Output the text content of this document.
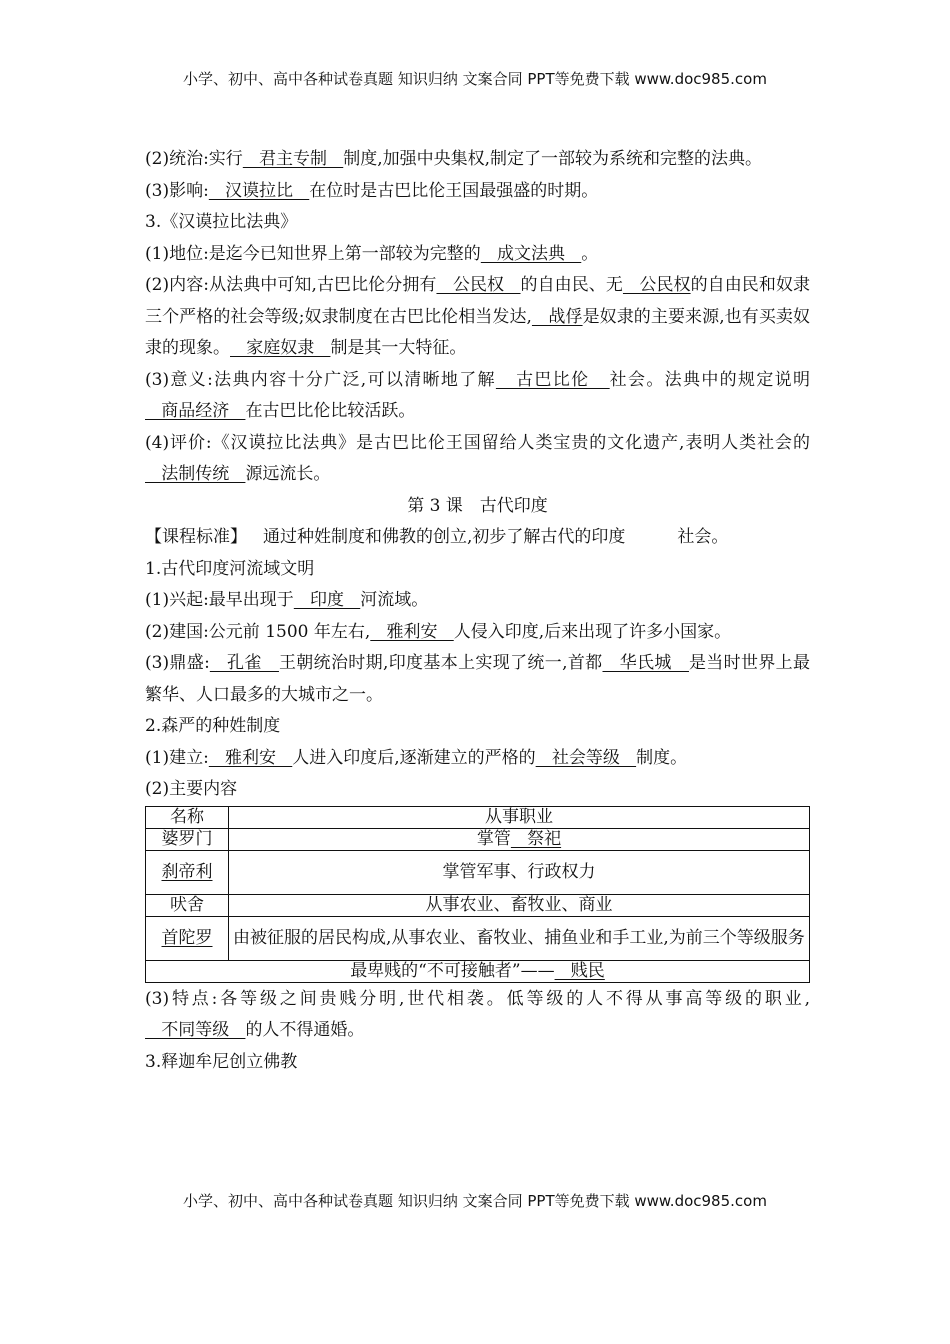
小学、初中、高中各种试卷真题 知识归纳 文案合同 PPT等免费下载 www.doc985.com

(2)统治:实行   君主专制   制度,加强中央集权,制定了一部较为系统和完整的法典。

(3)影响:   汉谟拉比   在位时是古巴比伦王国最强盛的时期。

3.《汉谟拉比法典》

(1)地位:是迄今已知世界上第一部较为完整的   成文法典   。

(2)内容:从法典中可知,古巴比伦分拥有   公民权   的自由民、无   公民权的自由民和奴隶三个严格的社会等级;奴隶制度在古巴比伦相当发达,   战俘是奴隶的主要来源,也有买卖奴隶的现象。   家庭奴隶   制是其一大特征。

(3)意义:法典内容十分广泛,可以清晰地了解   古巴比伦   社会。法典中的规定说明   商品经济   在古巴比伦比较活跃。

(4)评价:《汉谟拉比法典》是古巴比伦王国留给人类宝贵的文化遗产,表明人类社会的   法制传统   源远流长。

第 3 课　古代印度

【课程标准】 通过种姓制度和佛教的创立,初步了解古代的印度	社会。

1.古代印度河流域文明

(1)兴起:最早出现于   印度   河流域。

(2)建国:公元前 1500 年左右,   雅利安   人侵入印度,后来出现了许多小国家。

(3)鼎盛:   孔雀   王朝统治时期,印度基本上实现了统一,首都   华氏城   是当时世界上最繁华、人口最多的大城市之一。

2.森严的种姓制度

(1)建立:   雅利安   人进入印度后,逐渐建立的严格的   社会等级   制度。

(2)主要内容

名称	从事职业
婆罗门	掌管   祭祀
刹帝利	掌管军事、行政权力
吠舍	从事农业、畜牧业、商业
首陀罗	由被征服的居民构成,从事农业、畜牧业、捕鱼业和手工业,为前三个等级服务
最卑贱的“不可接触者”——   贱民	

(3)特点:各等级之间贵贱分明,世代相袭。低等级的人不得从事高等级的职业,   不同等级   的人不得通婚。

3.释迦牟尼创立佛教

小学、初中、高中各种试卷真题 知识归纳 文案合同 PPT等免费下载 www.doc985.com
